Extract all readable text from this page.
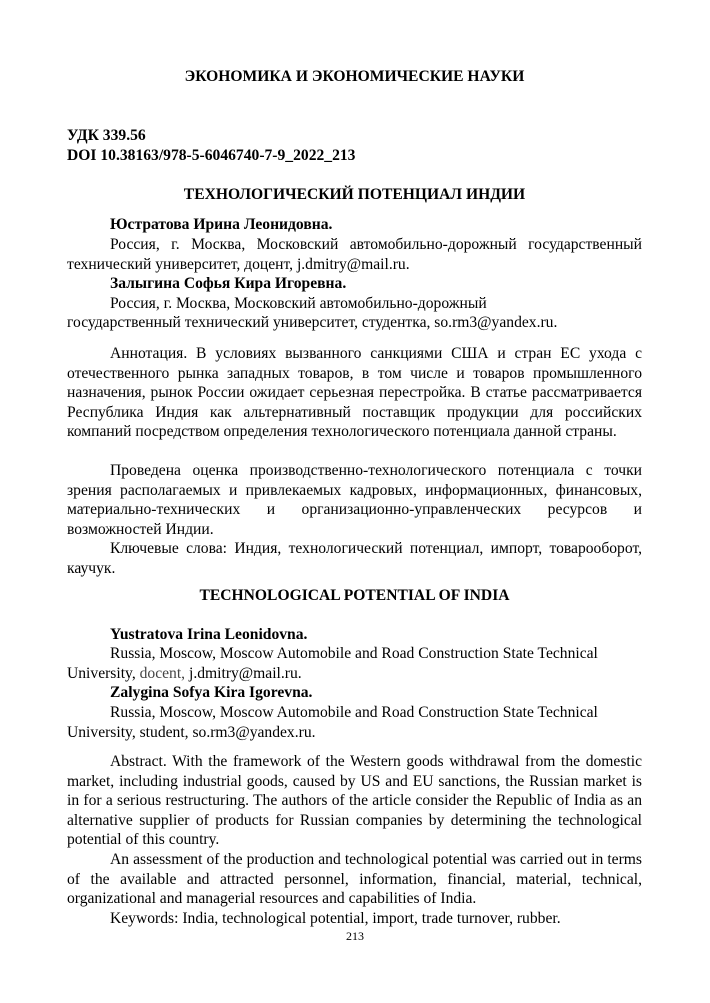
ЭКОНОМИКА И ЭКОНОМИЧЕСКИЕ НАУКИ

УДК 339.56

DOI 10.38163/978-5-6046740-7-9_2022_213

ТЕХНОЛОГИЧЕСКИЙ ПОТЕНЦИАЛ ИНДИИ

Юстратова Ирина Леонидовна.

Россия, г. Москва, Московский автомобильно-дорожный государственный технический университет, доцент, j.dmitry@mail.ru.

Залыгина Софья Кира Игоревна.

Россия, г. Москва, Московский автомобильно-дорожный

государственный технический университет, студентка, so.rm3@yandex.ru.

Аннотация. В условиях вызванного санкциями США и стран ЕС ухода с отечественного рынка западных товаров, в том числе и товаров промышленного назначения, рынок России ожидает серьезная перестройка. В статье рассматривается Республика Индия как альтернативный поставщик продукции для российских компаний посредством определения технологического потенциала данной страны.

Проведена оценка производственно-технологического потенциала с точки зрения располагаемых и привлекаемых кадровых, информационных, финансовых, материально-технических и организационно-управленческих ресурсов и возможностей Индии.

Ключевые слова: Индия, технологический потенциал, импорт, товарооборот, каучук.

TECHNOLOGICAL POTENTIAL OF INDIA

Yustratova Irina Leonidovna.

Russia, Moscow, Moscow Automobile and Road Construction State Technical University, docent, j.dmitry@mail.ru.

Zalygina Sofya Kira Igorevna.

Russia, Moscow, Moscow Automobile and Road Construction State Technical University, student, so.rm3@yandex.ru.

Abstract. With the framework of the Western goods withdrawal from the domestic market, including industrial goods, caused by US and EU sanctions, the Russian market is in for a serious restructuring. The authors of the article consider the Republic of India as an alternative supplier of products for Russian companies by determining the technological potential of this country.

An assessment of the production and technological potential was carried out in terms of the available and attracted personnel, information, financial, material, technical, organizational and managerial resources and capabilities of India.

Keywords: India, technological potential, import, trade turnover, rubber.

213
